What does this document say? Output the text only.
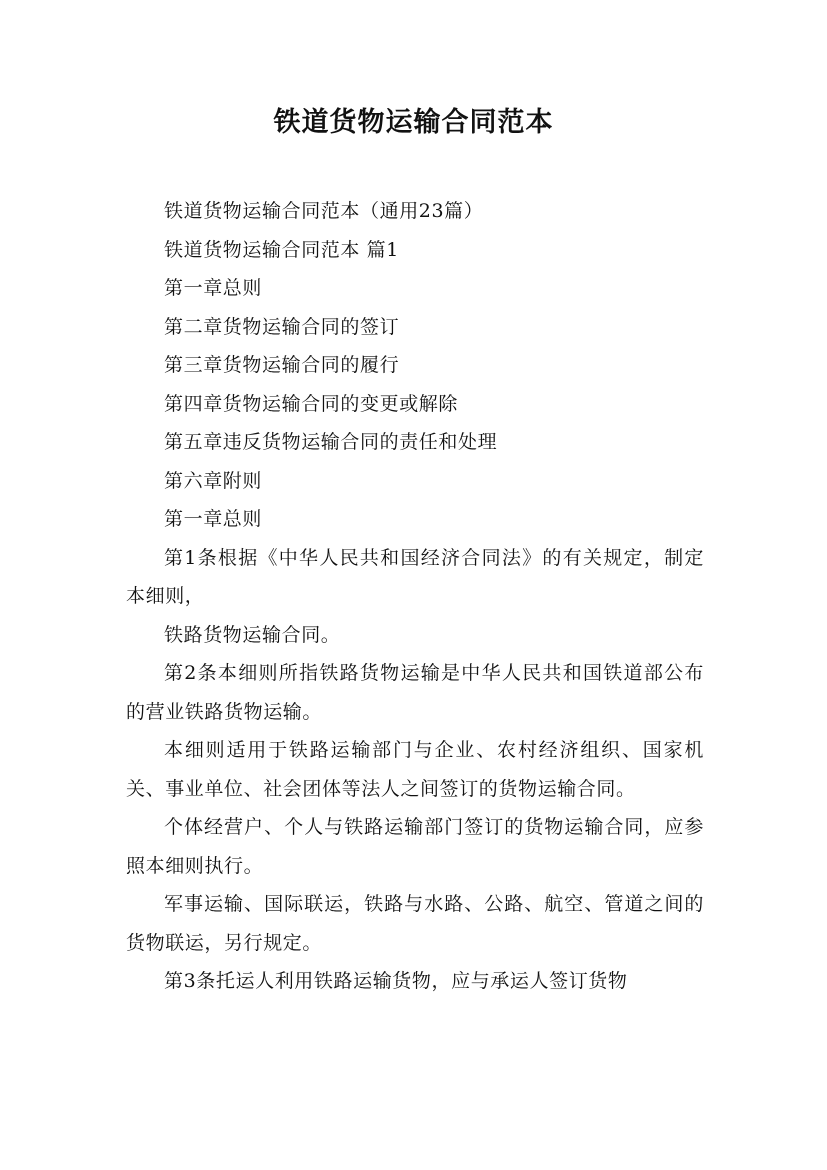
铁道货物运输合同范本

铁道货物运输合同范本（通用23篇）

铁道货物运输合同范本 篇1

第一章总则

第二章货物运输合同的签订

第三章货物运输合同的履行

第四章货物运输合同的变更或解除

第五章违反货物运输合同的责任和处理

第六章附则

第一章总则

第1条根据《中华人民共和国经济合同法》的有关规定，制定本细则，

铁路货物运输合同。

第2条本细则所指铁路货物运输是中华人民共和国铁道部公布的营业铁路货物运输。

本细则适用于铁路运输部门与企业、农村经济组织、国家机关、事业单位、社会团体等法人之间签订的货物运输合同。

个体经营户、个人与铁路运输部门签订的货物运输合同，应参照本细则执行。

军事运输、国际联运，铁路与水路、公路、航空、管道之间的货物联运，另行规定。

第3条托运人利用铁路运输货物，应与承运人签订货物
